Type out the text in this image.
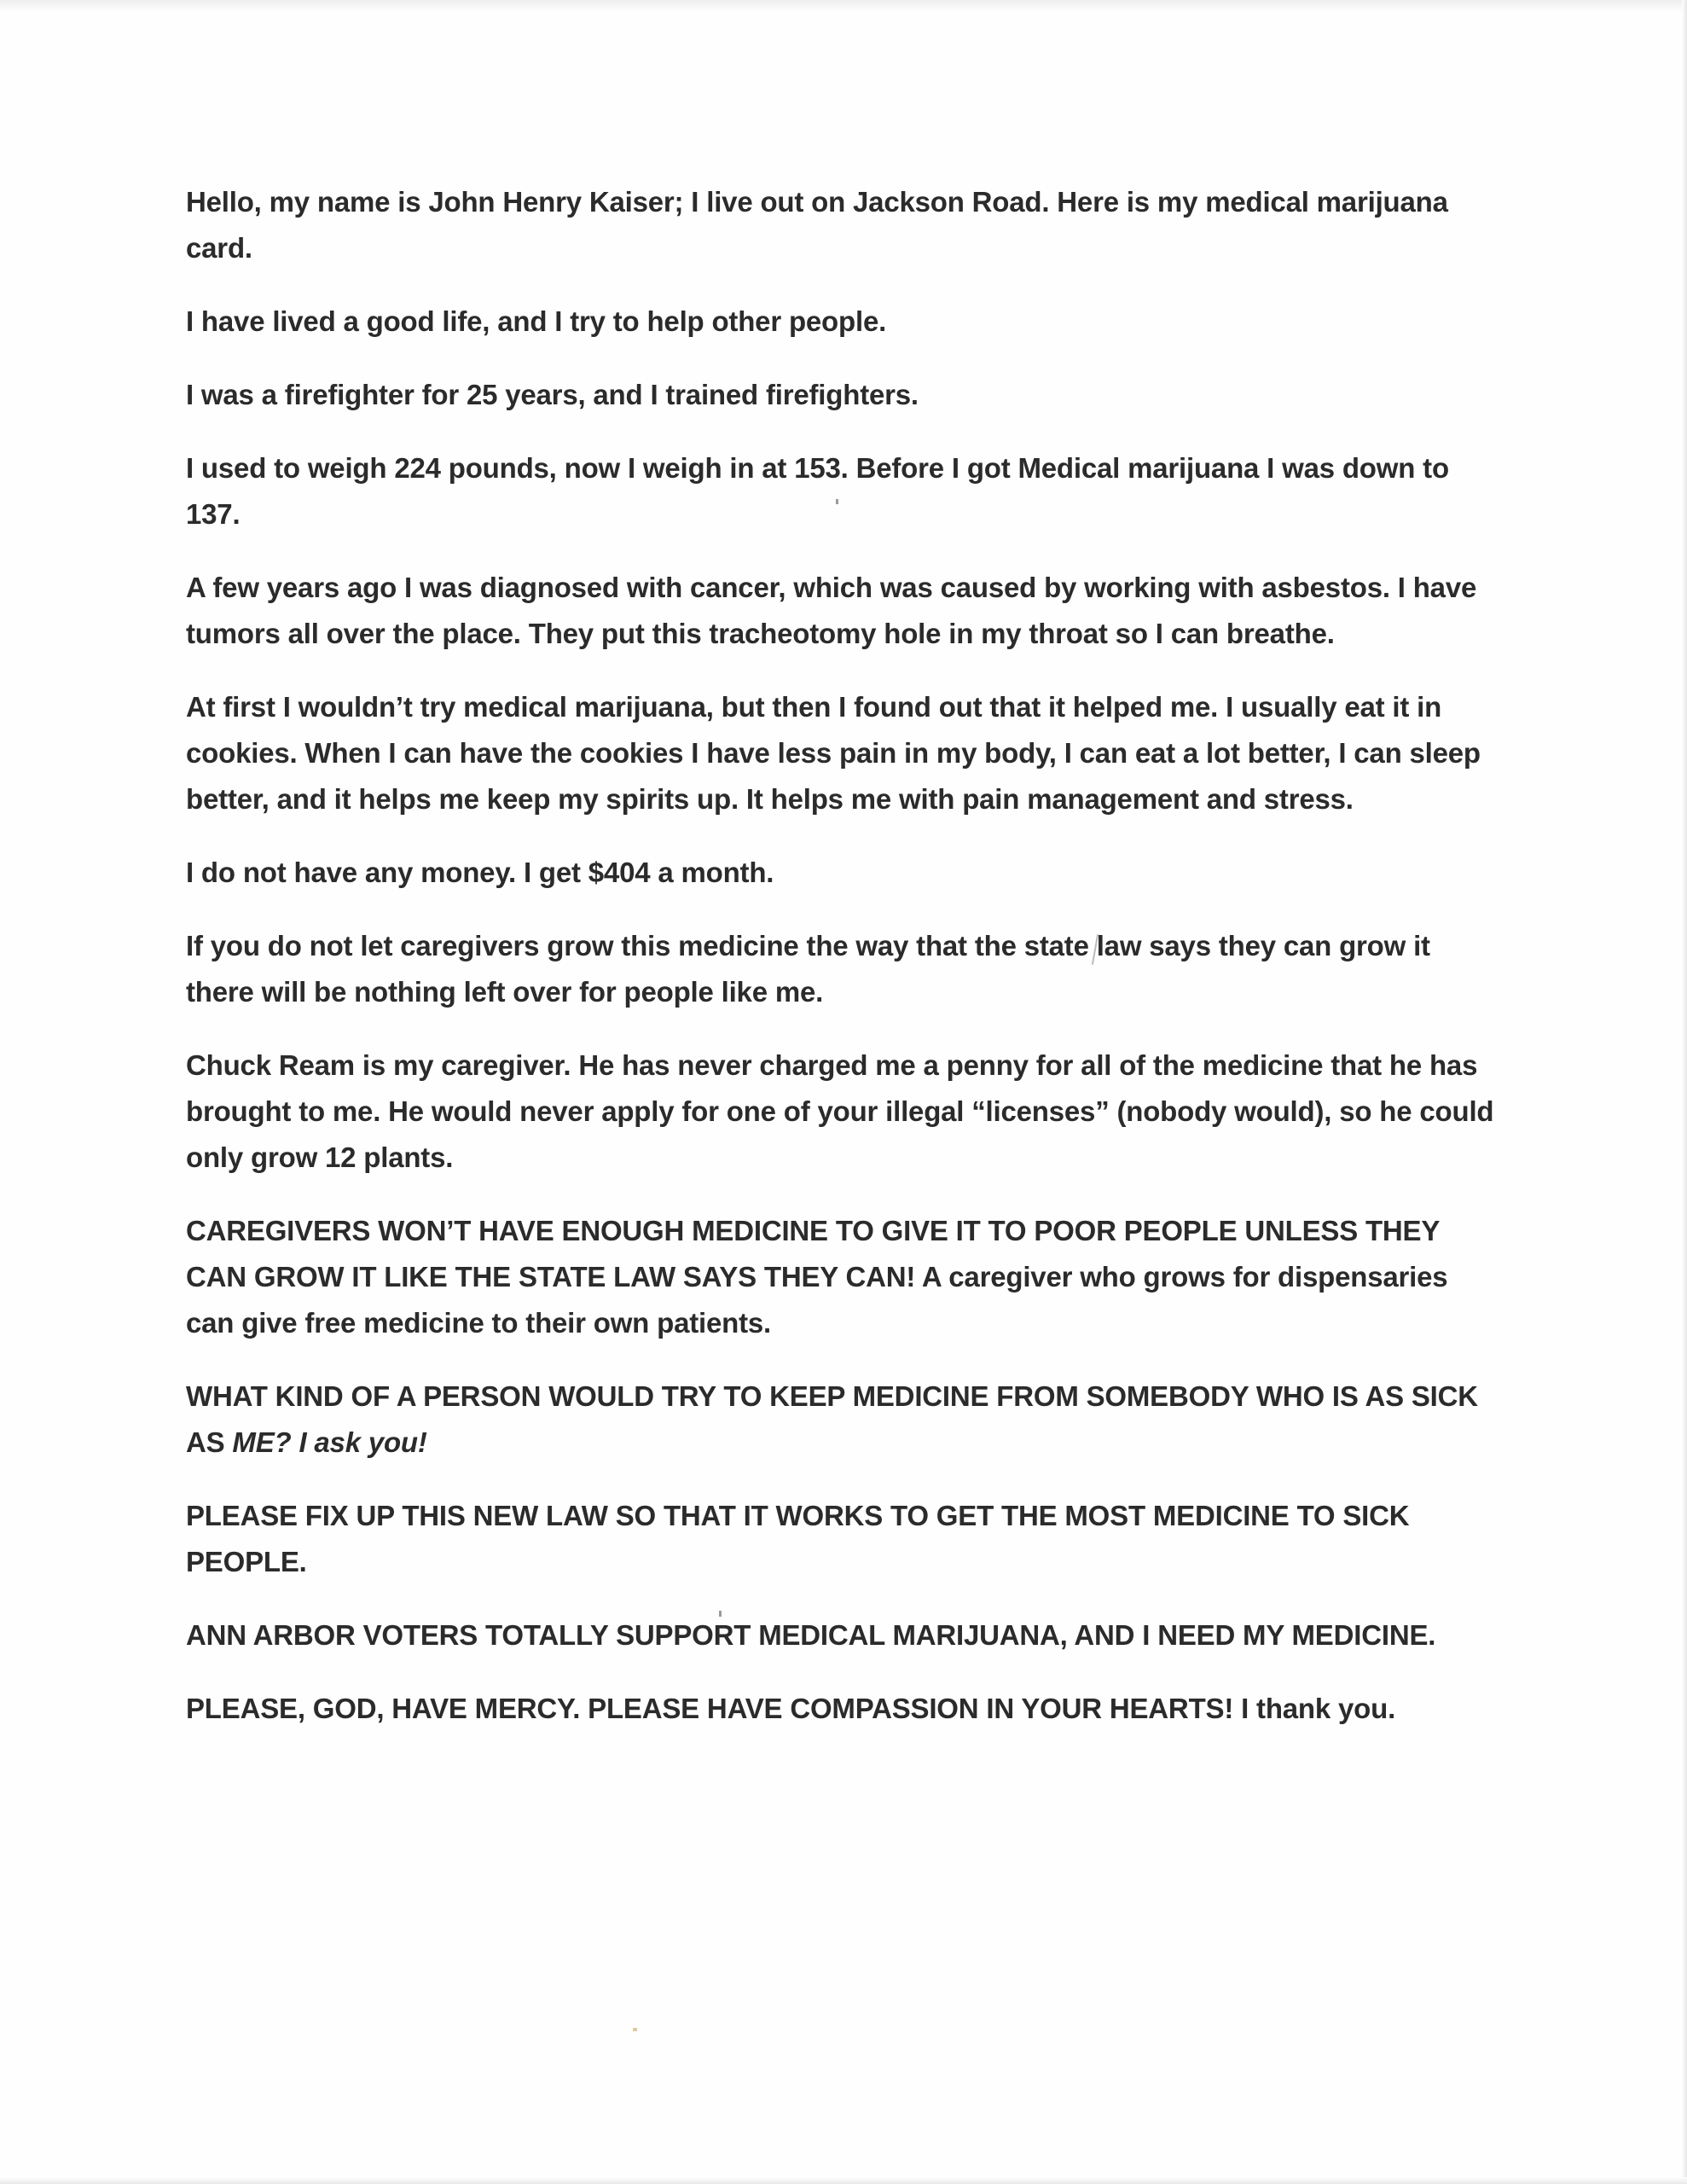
Hello, my name is John Henry Kaiser; I live out on Jackson Road. Here is my medical marijuana card.

I have lived a good life, and I try to help other people.

I was a firefighter for 25 years, and I trained firefighters.

I used to weigh 224 pounds, now I weigh in at 153. Before I got Medical marijuana I was down to 137.

A few years ago I was diagnosed with cancer, which was caused by working with asbestos. I have tumors all over the place. They put this tracheotomy hole in my throat so I can breathe.

At first I wouldn’t try medical marijuana, but then I found out that it helped me. I usually eat it in cookies. When I can have the cookies I have less pain in my body, I can eat a lot better, I can sleep better, and it helps me keep my spirits up. It helps me with pain management and stress.

I do not have any money. I get $404 a month.

If you do not let caregivers grow this medicine the way that the state law says they can grow it there will be nothing left over for people like me.

Chuck Ream is my caregiver. He has never charged me a penny for all of the medicine that he has brought to me. He would never apply for one of your illegal “licenses” (nobody would), so he could only grow 12 plants.

CAREGIVERS WON’T HAVE ENOUGH MEDICINE TO GIVE IT TO POOR PEOPLE UNLESS THEY CAN GROW IT LIKE THE STATE LAW SAYS THEY CAN! A caregiver who grows for dispensaries can give free medicine to their own patients.

WHAT KIND OF A PERSON WOULD TRY TO KEEP MEDICINE FROM SOMEBODY WHO IS AS SICK AS ME? I ask you!

PLEASE FIX UP THIS NEW LAW SO THAT IT WORKS TO GET THE MOST MEDICINE TO SICK PEOPLE.

ANN ARBOR VOTERS TOTALLY SUPPORT MEDICAL MARIJUANA, AND I NEED MY MEDICINE.

PLEASE, GOD, HAVE MERCY. PLEASE HAVE COMPASSION IN YOUR HEARTS! I thank you.
